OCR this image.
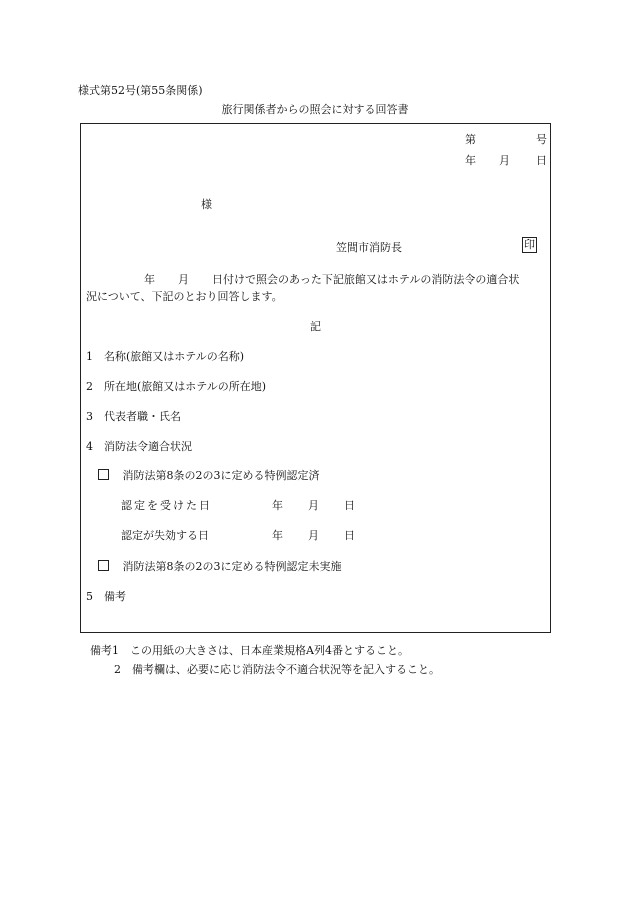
様式第52号(第55条関係)
旅行関係者からの照会に対する回答書
第	号
年 月 日
様
笠間市消防長	印
年 月 日付けで照会のあった下記旅館又はホテルの消防法令の適合状
況について、下記のとおり回答します。
記
1　名称(旅館又はホテルの名称)
2　所在地(旅館又はホテルの所在地)
3　代表者職・氏名
4　消防法令適合状況
消防法第8条の2の3に定める特例認定済
認定を受けた日	年 月 日
認定が失効する日	年 月 日
消防法第8条の2の3に定める特例認定未実施
5　備考
備考1　この用紙の大きさは、日本産業規格A列4番とすること。
2　備考欄は、必要に応じ消防法令不適合状況等を記入すること。
